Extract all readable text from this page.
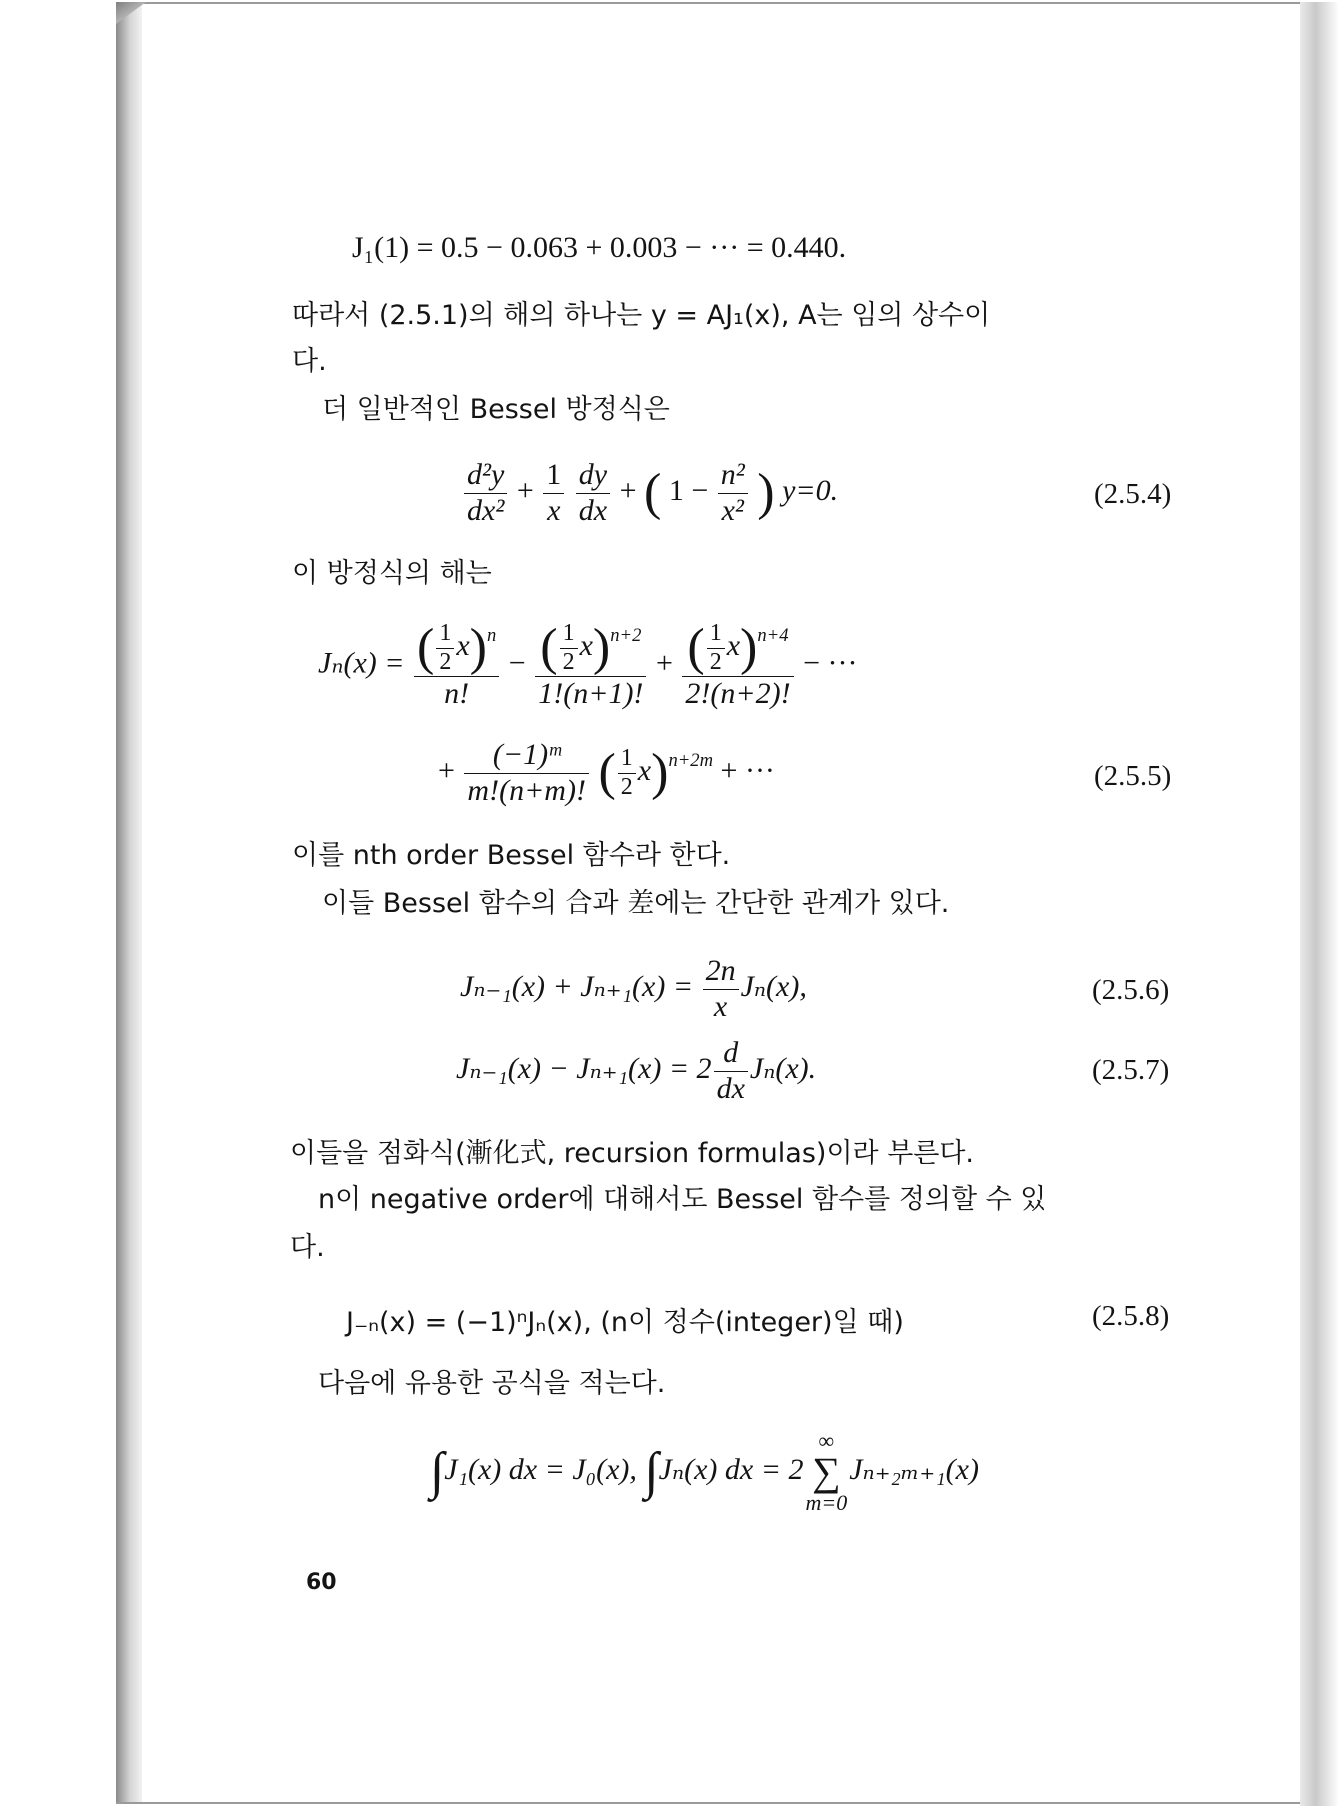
J₁(1) = 0.5 − 0.063 + 0.003 − ··· = 0.440.
따라서 (2.5.1)의 해의 하나는 y = AJ₁(x), A는 임의 상수이
다.
더 일반적인 Bessel 방정식은
$\frac{\text{d²y}}{\text{dx²}} + \frac{1}{x}$
$\frac{dy}{dx}$ + ( $1 - \frac{\text{n²}}{\text{x²}}$ ) y=0.	(2.5.4)
이 방정식의 해는
$J_n(x) = \frac{( \frac{1}{2} x)^n}{n!} - \frac{( \frac{1}{2} x)^{n+2}}{1!(n+1)!} + \frac{( \frac{1}{2} x)^{n+4}}{2!(n+2)!}$ − ···
+ $\frac{\text{(−1)ᵐ}}{m!(n+m)!}$ ( $\frac{1}{2} x)^{n+2m}$ + ···	(2.5.5)
이를 nth order Bessel 함수라 한다.
이들 Bessel 함수의 合과 差에는 간단한 관계가 있다.
$J_{n-1}(x) + J_{n+1}(x) = \frac{2n}{x} J_n(x)$,	(2.5.6)
$J_{n-1}(x) - J_{n+1}(x) = 2 \frac{d}{dx} J_n(x)$.	(2.5.7)
이들을 점화식(漸化式, recursion formulas)이라 부른다.
n이 negative order에 대해서도 Bessel 함수를 정의할 수 있
다.
J₋ₙ(x) = (−1)ⁿJₙ(x), (n이 정수(integer)일 때)	(2.5.8)
다음에 유용한 공식을 적는다.
∫J₁(x) dx = J₀(x), ∫Jₙ(x) dx = 2
∞
∑
m=0
Jₙ₊₂ₘ₊₁(x)
60
